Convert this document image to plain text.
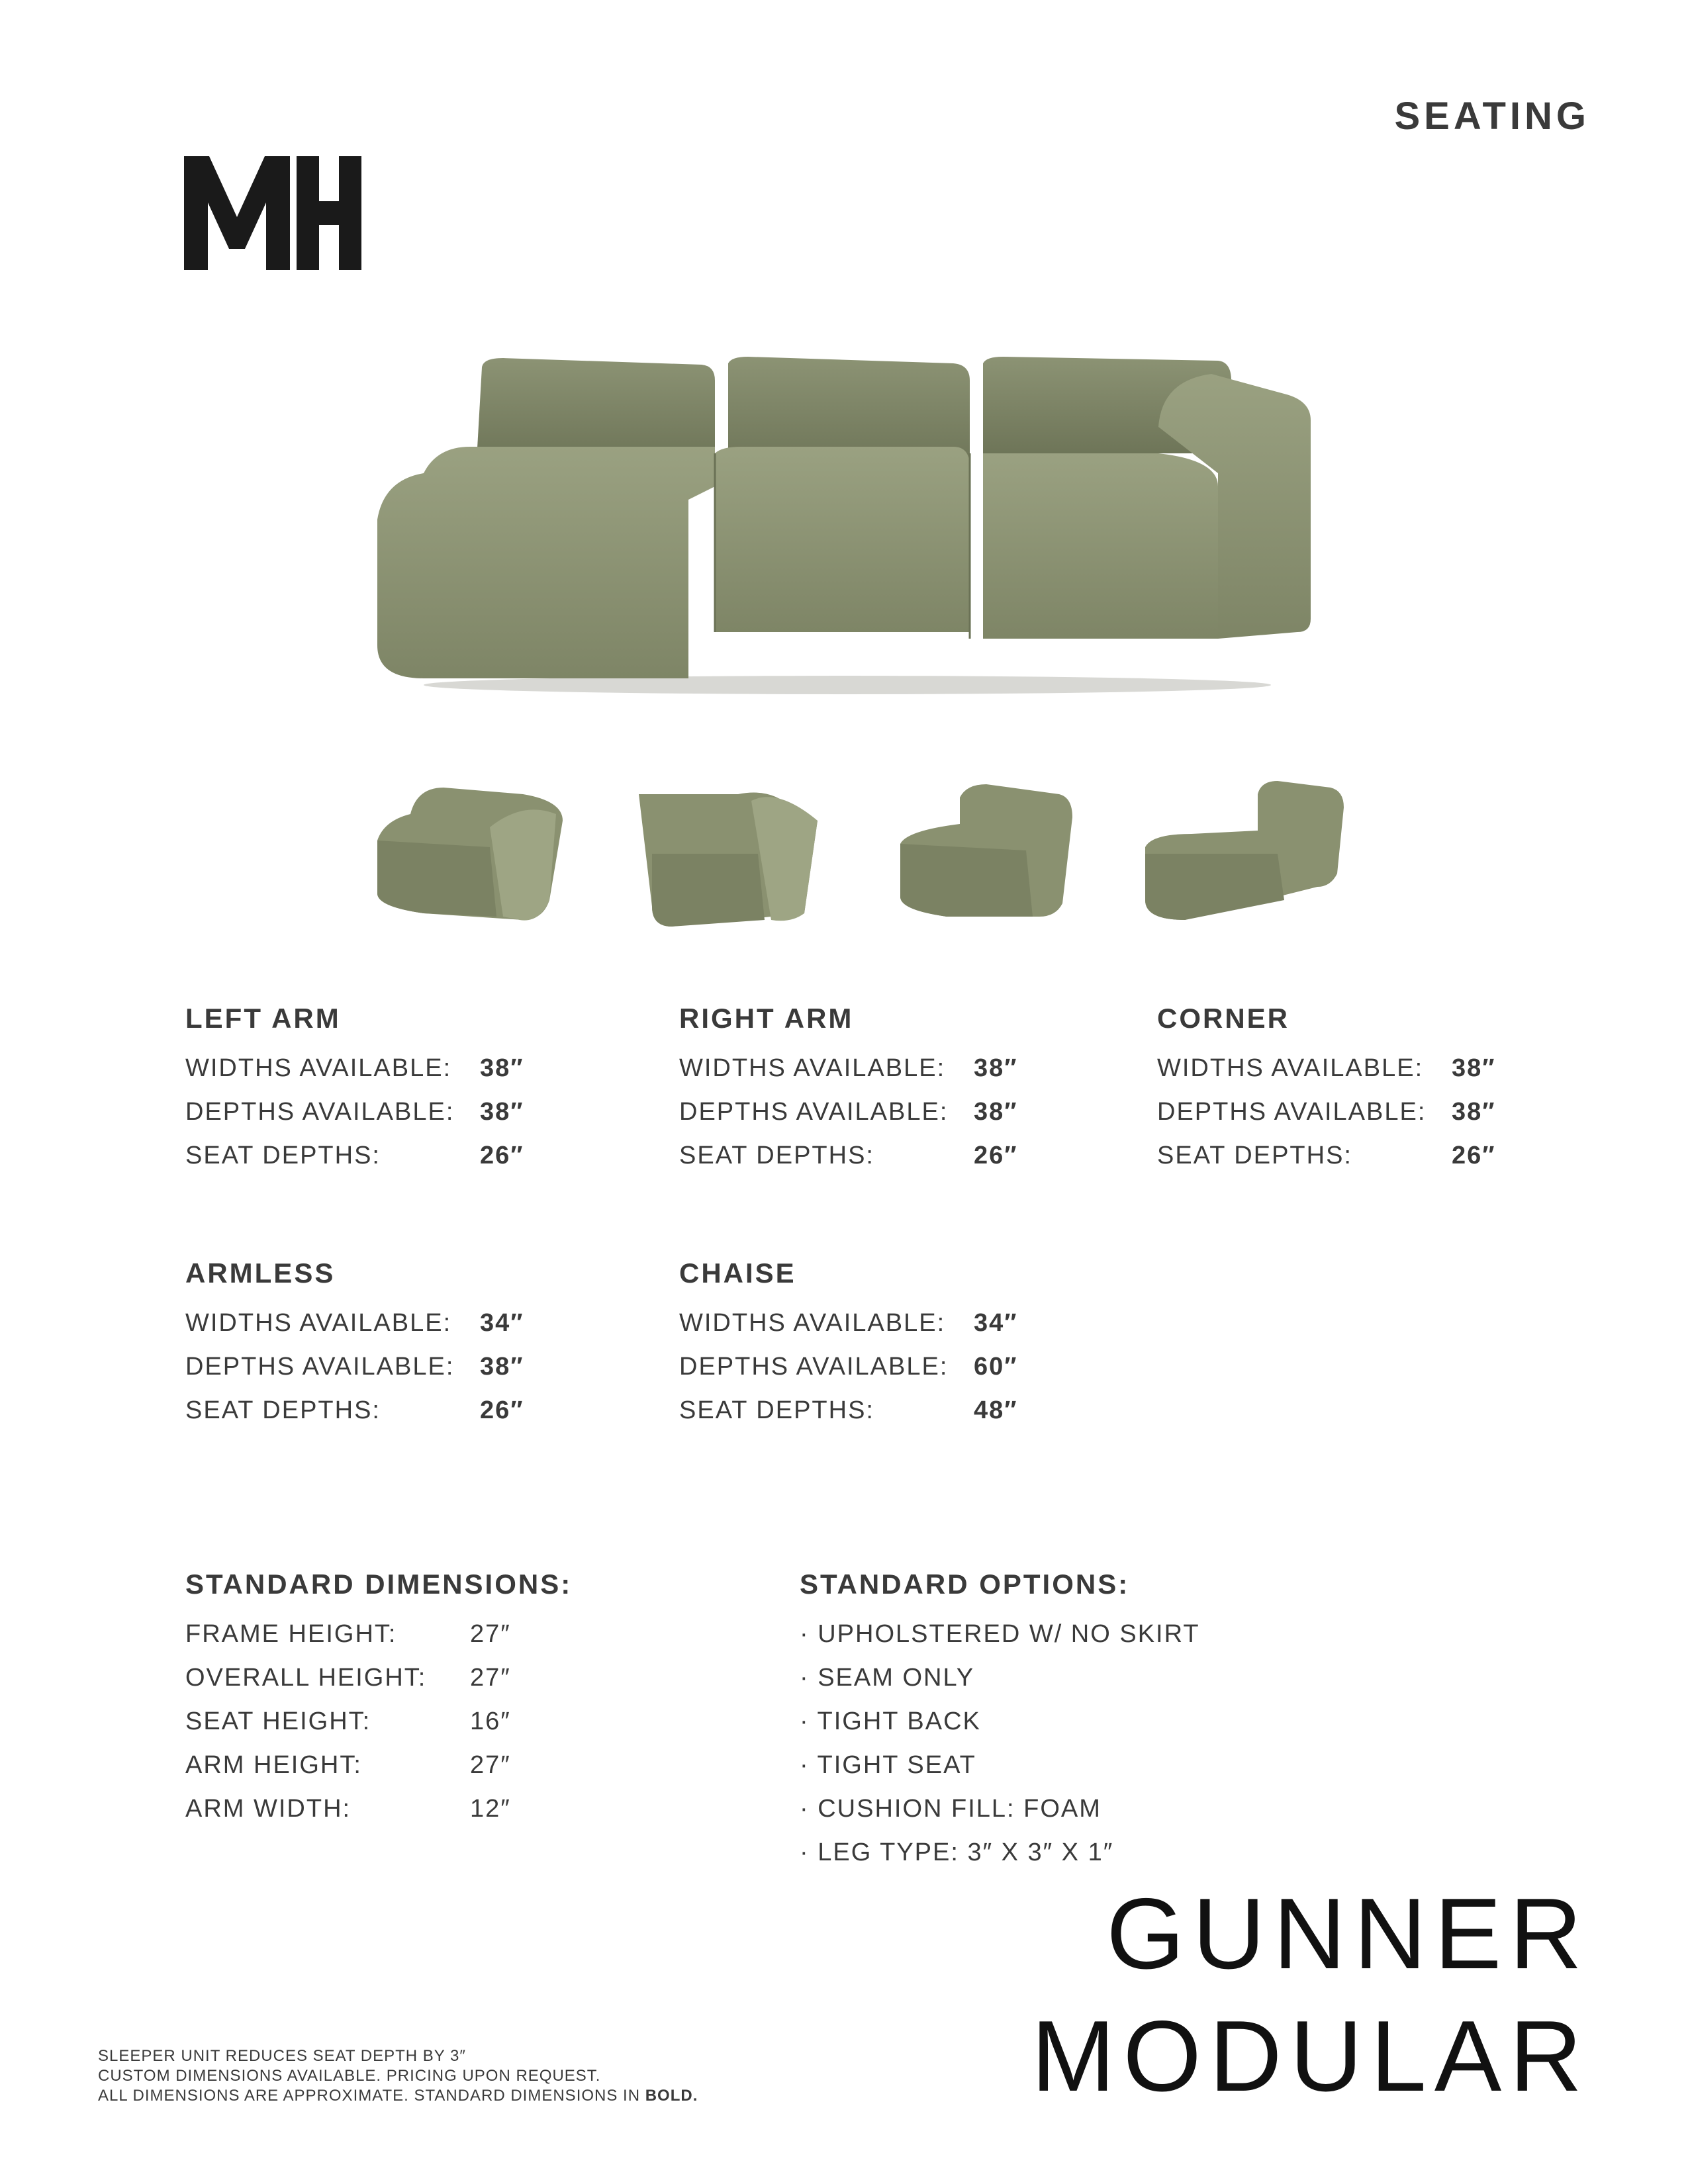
SEATING
LEFT ARM
WIDTHS AVAILABLE:	38″
DEPTHS AVAILABLE:	38″
SEAT DEPTHS:	26″
RIGHT ARM
WIDTHS AVAILABLE:	38″
DEPTHS AVAILABLE:	38″
SEAT DEPTHS:	26″
CORNER
WIDTHS AVAILABLE:	38″
DEPTHS AVAILABLE:	38″
SEAT DEPTHS:	26″
ARMLESS
WIDTHS AVAILABLE:	34″
DEPTHS AVAILABLE:	38″
SEAT DEPTHS:	26″
CHAISE
WIDTHS AVAILABLE:	34″
DEPTHS AVAILABLE:	60″
SEAT DEPTHS:	48″
STANDARD DIMENSIONS:
FRAME HEIGHT:	27″
OVERALL HEIGHT:	27″
SEAT HEIGHT:	16″
ARM HEIGHT:	27″
ARM WIDTH:	12″
STANDARD OPTIONS:
· UPHOLSTERED W/ NO SKIRT
· SEAM ONLY
· TIGHT BACK
· TIGHT SEAT
· CUSHION FILL: FOAM
· LEG TYPE: 3″ X 3″ X 1″
GUNNER
MODULAR
SLEEPER UNIT REDUCES SEAT DEPTH BY 3″
CUSTOM DIMENSIONS AVAILABLE. PRICING UPON REQUEST.
ALL DIMENSIONS ARE APPROXIMATE. STANDARD DIMENSIONS IN BOLD.
